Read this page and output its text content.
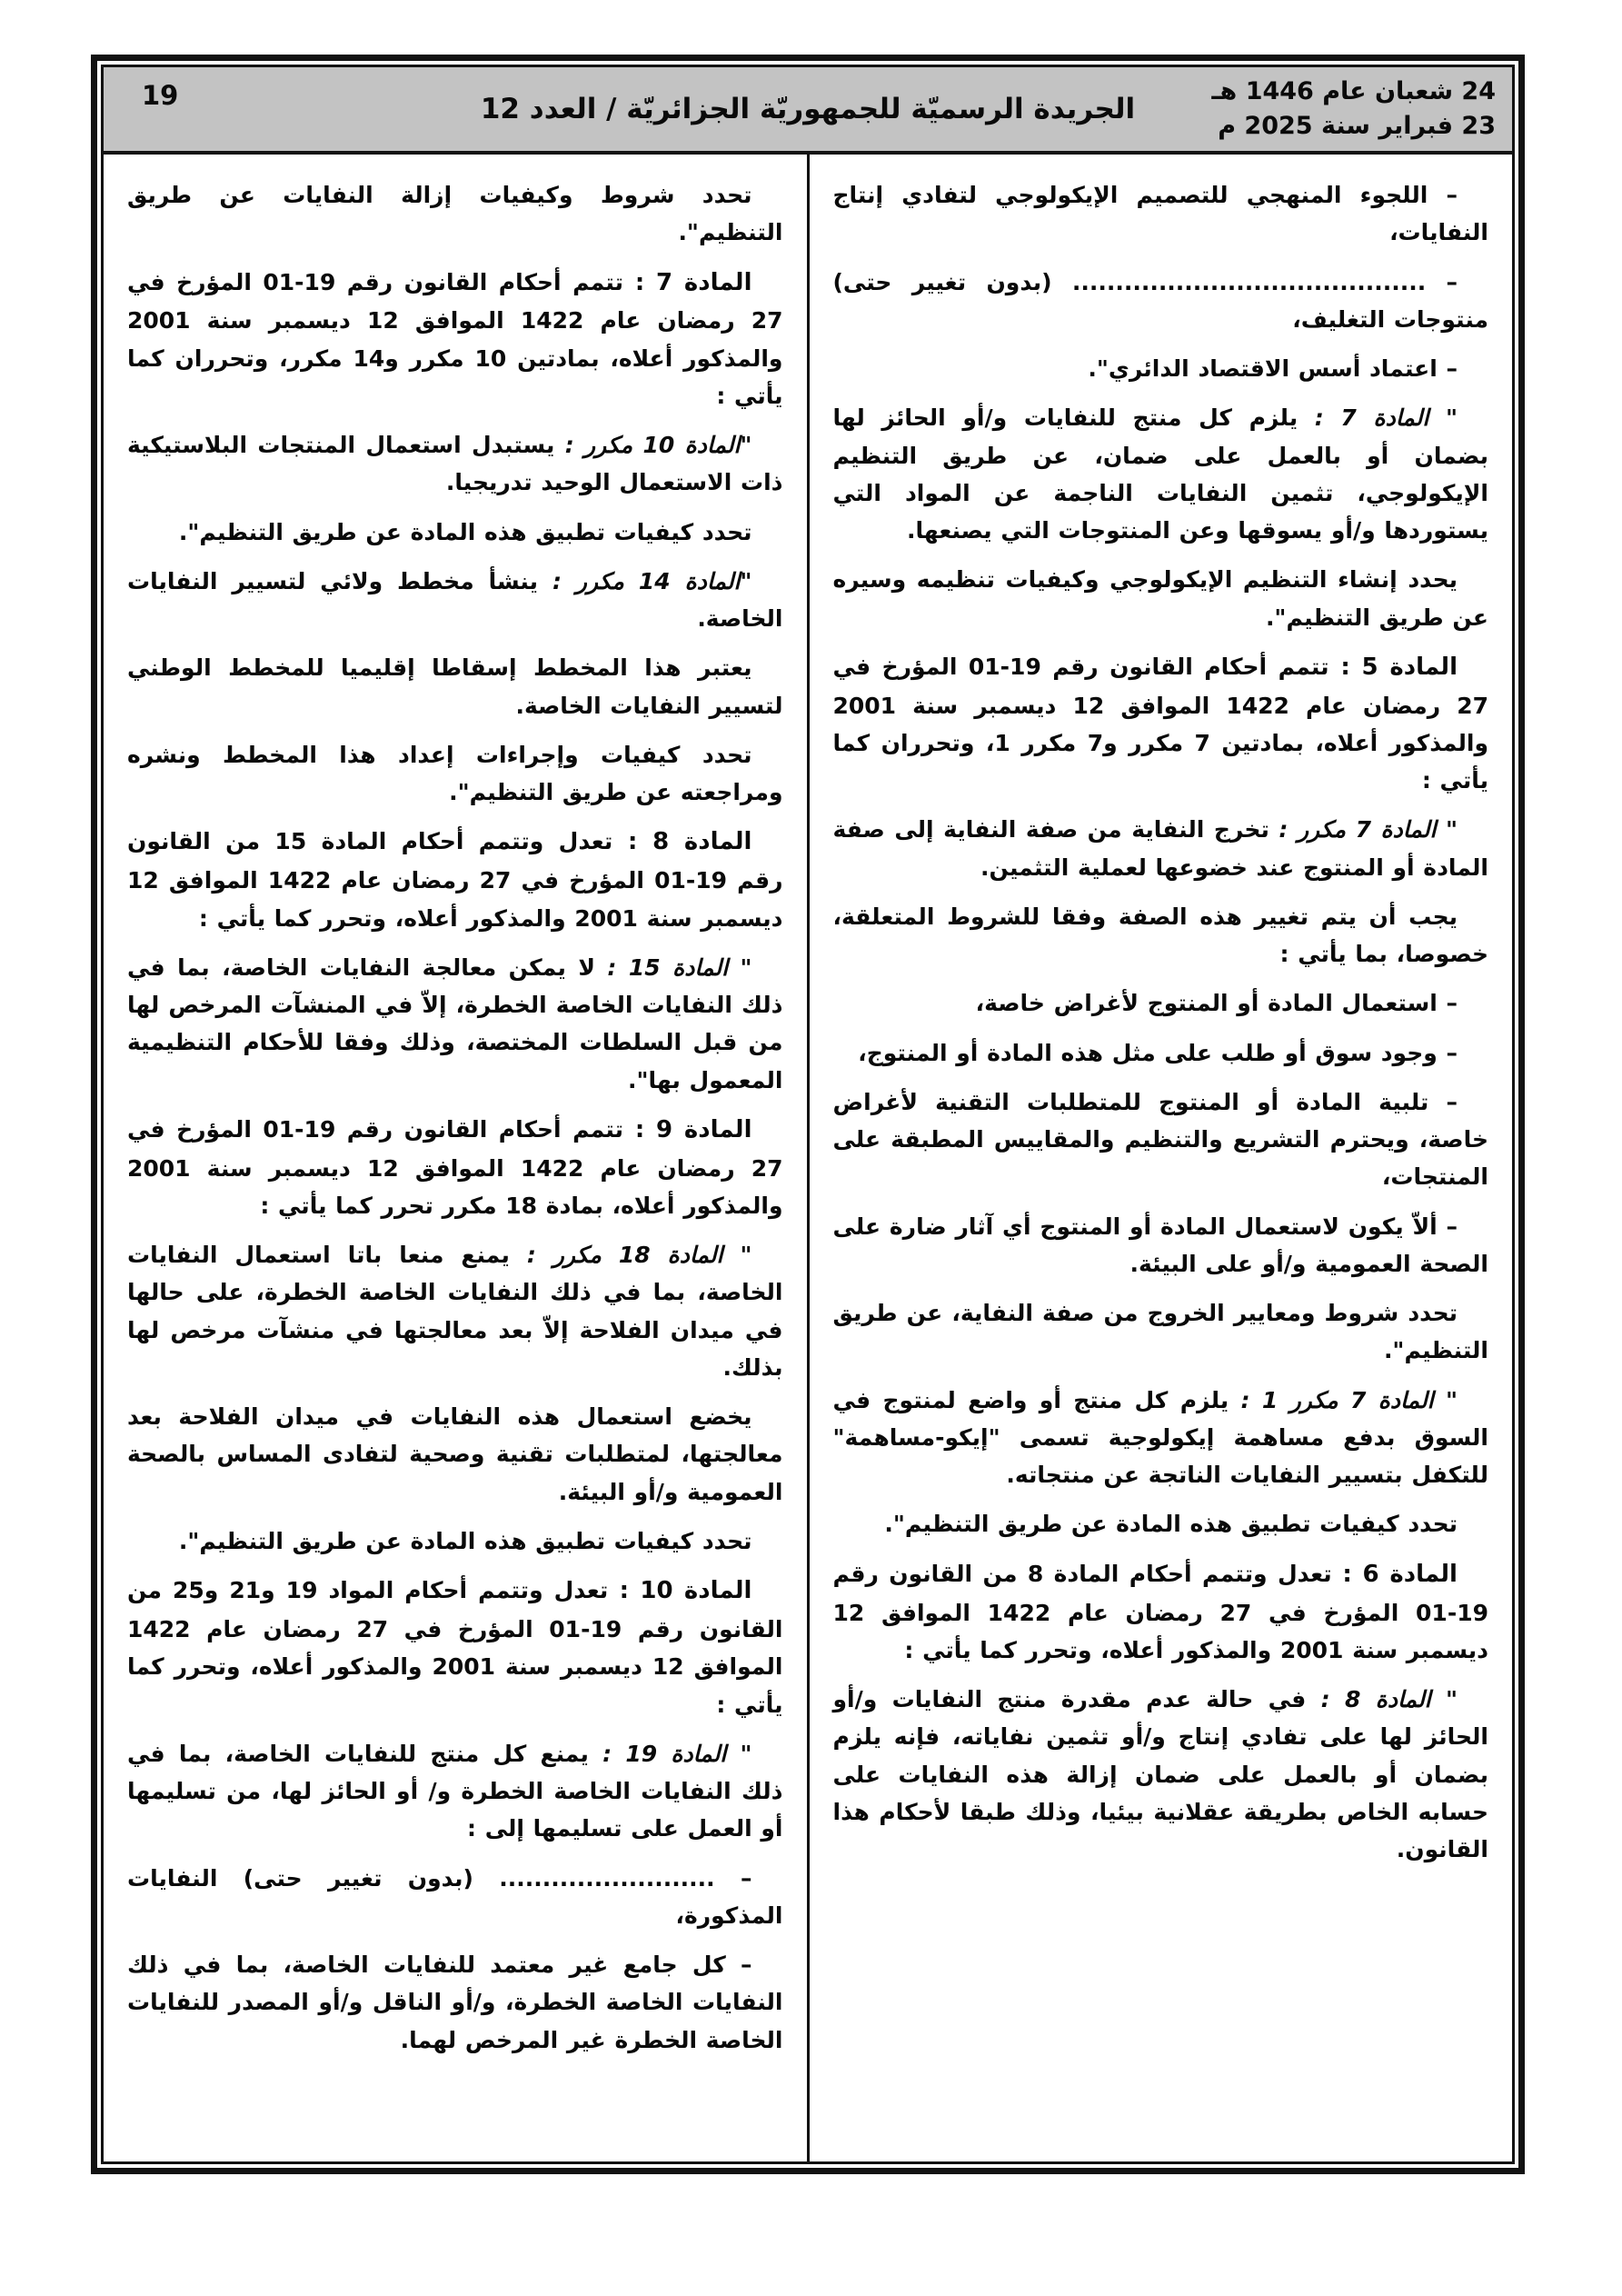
24 شعبان عام 1446 هـ
23 فبراير سنة 2025 م
الجريدة الرسميّة للجمهوريّة الجزائريّة / العدد 12
19

– اللجوء المنهجي للتصميم الإيكولوجي لتفادي إنتاج النفايات،

– ......................................... (بدون تغيير حتى) منتوجات التغليف،

– اعتماد أسس الاقتصاد الدائري".

" المادة 7 : يلزم كل منتج للنفايات و/أو الحائز لها بضمان أو بالعمل على ضمان، عن طريق التنظيم الإيكولوجي، تثمين النفايات الناجمة عن المواد التي يستوردها و/أو يسوقها وعن المنتوجات التي يصنعها.

يحدد إنشاء التنظيم الإيكولوجي وكيفيات تنظيمه وسيره عن طريق التنظيم".

المادة 5 : تتمم أحكام القانون رقم 19-01 المؤرخ في 27 رمضان عام 1422 الموافق 12 ديسمبر سنة 2001 والمذكور أعلاه، بمادتين 7 مكرر و7 مكرر 1، وتحرران كما يأتي :

" المادة 7 مكرر : تخرج النفاية من صفة النفاية إلى صفة المادة أو المنتوج عند خضوعها لعملية التثمين.

يجب أن يتم تغيير هذه الصفة وفقا للشروط المتعلقة، خصوصا، بما يأتي :

– استعمال المادة أو المنتوج لأغراض خاصة،

– وجود سوق أو طلب على مثل هذه المادة أو المنتوج،

– تلبية المادة أو المنتوج للمتطلبات التقنية لأغراض خاصة، ويحترم التشريع والتنظيم والمقاييس المطبقة على المنتجات،

– ألاّ يكون لاستعمال المادة أو المنتوج أي آثار ضارة على الصحة العمومية و/أو على البيئة.

تحدد شروط ومعايير الخروج من صفة النفاية، عن طريق التنظيم".

" المادة 7 مكرر 1 : يلزم كل منتج أو واضع لمنتوج في السوق بدفع مساهمة إيكولوجية تسمى "إيكو-مساهمة" للتكفل بتسيير النفايات الناتجة عن منتجاته.

تحدد كيفيات تطبيق هذه المادة عن طريق التنظيم".

المادة 6 : تعدل وتتمم أحكام المادة 8 من القانون رقم 19-01 المؤرخ في 27 رمضان عام 1422 الموافق 12 ديسمبر سنة 2001 والمذكور أعلاه، وتحرر كما يأتي :

" المادة 8 : في حالة عدم مقدرة منتج النفايات و/أو الحائز لها على تفادي إنتاج و/أو تثمين نفاياته، فإنه يلزم بضمان أو بالعمل على ضمان إزالة هذه النفايات على حسابه الخاص بطريقة عقلانية بيئيا، وذلك طبقا لأحكام هذا القانون.

تحدد شروط وكيفيات إزالة النفايات عن طريق التنظيم".

المادة 7 : تتمم أحكام القانون رقم 19-01 المؤرخ في 27 رمضان عام 1422 الموافق 12 ديسمبر سنة 2001 والمذكور أعلاه، بمادتين 10 مكرر و14 مكرر، وتحرران كما يأتي :

"المادة 10 مكرر : يستبدل استعمال المنتجات البلاستيكية ذات الاستعمال الوحيد تدريجيا.

تحدد كيفيات تطبيق هذه المادة عن طريق التنظيم".

"المادة 14 مكرر : ينشأ مخطط ولائي لتسيير النفايات الخاصة.

يعتبر هذا المخطط إسقاطا إقليميا للمخطط الوطني لتسيير النفايات الخاصة.

تحدد كيفيات وإجراءات إعداد هذا المخطط ونشره ومراجعته عن طريق التنظيم".

المادة 8 : تعدل وتتمم أحكام المادة 15 من القانون رقم 19-01 المؤرخ في 27 رمضان عام 1422 الموافق 12 ديسمبر سنة 2001 والمذكور أعلاه، وتحرر كما يأتي :

" المادة 15 : لا يمكن معالجة النفايات الخاصة، بما في ذلك النفايات الخاصة الخطرة، إلاّ في المنشآت المرخص لها من قبل السلطات المختصة، وذلك وفقا للأحكام التنظيمية المعمول بها".

المادة 9 : تتمم أحكام القانون رقم 19-01 المؤرخ في 27 رمضان عام 1422 الموافق 12 ديسمبر سنة 2001 والمذكور أعلاه، بمادة 18 مكرر تحرر كما يأتي :

" المادة 18 مكرر : يمنع منعا باتا استعمال النفايات الخاصة، بما في ذلك النفايات الخاصة الخطرة، على حالها في ميدان الفلاحة إلاّ بعد معالجتها في منشآت مرخص لها بذلك.

يخضع استعمال هذه النفايات في ميدان الفلاحة بعد معالجتها، لمتطلبات تقنية وصحية لتفادى المساس بالصحة العمومية و/أو البيئة.

تحدد كيفيات تطبيق هذه المادة عن طريق التنظيم".

المادة 10 : تعدل وتتمم أحكام المواد 19 و21 و25 من القانون رقم 19-01 المؤرخ في 27 رمضان عام 1422 الموافق 12 ديسمبر سنة 2001 والمذكور أعلاه، وتحرر كما يأتي :

" المادة 19 : يمنع كل منتج للنفايات الخاصة، بما في ذلك النفايات الخاصة الخطرة و/ أو الحائز لها، من تسليمها أو العمل على تسليمها إلى :

– ......................... (بدون تغيير حتى) النفايات المذكورة،

– كل جامع غير معتمد للنفايات الخاصة، بما في ذلك النفايات الخاصة الخطرة، و/أو الناقل و/أو المصدر للنفايات الخاصة الخطرة غير المرخص لهما.
